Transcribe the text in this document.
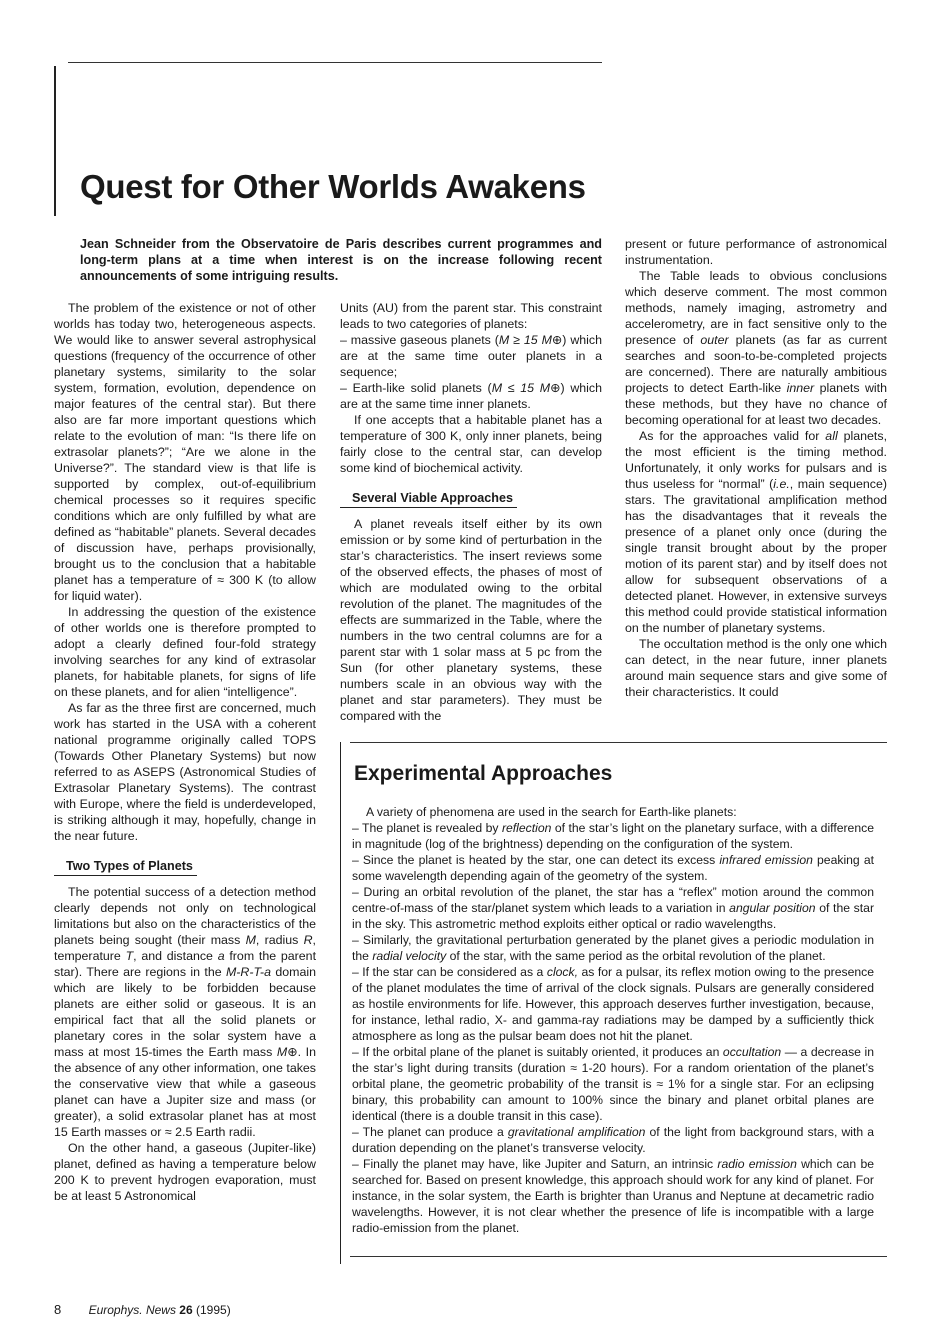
Quest for Other Worlds Awakens

Jean Schneider from the Observatoire de Paris describes current programmes and long-term plans at a time when interest is on the increase following recent announcements of some intriguing results.

The problem of the existence or not of other worlds has today two, heterogeneous aspects. We would like to answer several astrophysical questions (frequency of the occurrence of other planetary systems, similarity to the solar system, formation, evolution, dependence on major features of the central star). But there also are far more important questions which relate to the evolution of man: “Is there life on extrasolar planets?”; “Are we alone in the Universe?”. The standard view is that life is supported by complex, out-of-equilibrium chemical processes so it requires specific conditions which are only fulfilled by what are defined as “habitable” planets. Several decades of discussion have, perhaps provisionally, brought us to the conclusion that a habitable planet has a temperature of ≈ 300 K (to allow for liquid water).

In addressing the question of the existence of other worlds one is therefore prompted to adopt a clearly defined four-fold strategy involving searches for any kind of extrasolar planets, for habitable planets, for signs of life on these planets, and for alien “intelligence”.

As far as the three first are concerned, much work has started in the USA with a coherent national programme originally called TOPS (Towards Other Planetary Systems) but now referred to as ASEPS (Astronomical Studies of Extrasolar Planetary Systems). The contrast with Europe, where the field is underdeveloped, is striking although it may, hopefully, change in the near future.

Two Types of Planets

The potential success of a detection method clearly depends not only on technological limitations but also on the characteristics of the planets being sought (their mass M, radius R, temperature T, and distance a from the parent star). There are regions in the M-R-T-a domain which are likely to be forbidden because planets are either solid or gaseous. It is an empirical fact that all the solid planets or planetary cores in the solar system have a mass at most 15-times the Earth mass M⊕. In the absence of any other information, one takes the conservative view that while a gaseous planet can have a Jupiter size and mass (or greater), a solid extrasolar planet has at most 15 Earth masses or ≈ 2.5 Earth radii.

On the other hand, a gaseous (Jupiter-like) planet, defined as having a temperature below 200 K to prevent hydrogen evaporation, must be at least 5 Astronomical

Units (AU) from the parent star. This constraint leads to two categories of planets:

– massive gaseous planets (M ≥ 15 M⊕) which are at the same time outer planets in a sequence;

– Earth-like solid planets (M ≤ 15 M⊕) which are at the same time inner planets.

If one accepts that a habitable planet has a temperature of 300 K, only inner planets, being fairly close to the central star, can develop some kind of biochemical activity.

Several Viable Approaches

A planet reveals itself either by its own emission or by some kind of perturbation in the star’s characteristics. The insert reviews some of the observed effects, the phases of most of which are modulated owing to the orbital revolution of the planet. The magnitudes of the effects are summarized in the Table, where the numbers in the two central columns are for a parent star with 1 solar mass at 5 pc from the Sun (for other planetary systems, these numbers scale in an obvious way with the planet and star parameters). They must be compared with the

present or future performance of astronomical instrumentation.

The Table leads to obvious conclusions which deserve comment. The most common methods, namely imaging, astrometry and accelerometry, are in fact sensitive only to the presence of outer planets (as far as current searches and soon-to-be-completed projects are concerned). There are naturally ambitious projects to detect Earth-like inner planets with these methods, but they have no chance of becoming operational for at least two decades.

As for the approaches valid for all planets, the most efficient is the timing method. Unfortunately, it only works for pulsars and is thus useless for “normal” (i.e., main sequence) stars. The gravitational amplification method has the disadvantages that it reveals the presence of a planet only once (during the single transit brought about by the proper motion of its parent star) and by itself does not allow for subsequent observations of a detected planet. However, in extensive surveys this method could provide statistical information on the number of planetary systems.

The occultation method is the only one which can detect, in the near future, inner planets around main sequence stars and give some of their characteristics. It could

Experimental Approaches

A variety of phenomena are used in the search for Earth-like planets:

– The planet is revealed by reflection of the star’s light on the planetary surface, with a difference in magnitude (log of the brightness) depending on the configuration of the system.

– Since the planet is heated by the star, one can detect its excess infrared emission peaking at some wavelength depending again of the geometry of the system.

– During an orbital revolution of the planet, the star has a “reflex” motion around the common centre-of-mass of the star/planet system which leads to a variation in angular position of the star in the sky. This astrometric method exploits either optical or radio wavelengths.

– Similarly, the gravitational perturbation generated by the planet gives a periodic modulation in the radial velocity of the star, with the same period as the orbital revolution of the planet.

– If the star can be considered as a clock, as for a pulsar, its reflex motion owing to the presence of the planet modulates the time of arrival of the clock signals. Pulsars are generally considered as hostile environments for life. However, this approach deserves further investigation, because, for instance, lethal radio, X- and gamma-ray radiations may be damped by a sufficiently thick atmosphere as long as the pulsar beam does not hit the planet.

– If the orbital plane of the planet is suitably oriented, it produces an occultation — a decrease in the star’s light during transits (duration ≈ 1-20 hours). For a random orientation of the planet’s orbital plane, the geometric probability of the transit is ≈ 1% for a single star. For an eclipsing binary, this probability can amount to 100% since the binary and planet orbital planes are identical (there is a double transit in this case).

– The planet can produce a gravitational amplification of the light from background stars, with a duration depending on the planet’s transverse velocity.

– Finally the planet may have, like Jupiter and Saturn, an intrinsic radio emission which can be searched for. Based on present knowledge, this approach should work for any kind of planet. For instance, in the solar system, the Earth is brighter than Uranus and Neptune at decametric radio wavelengths. However, it is not clear whether the presence of life is incompatible with a large radio-emission from the planet.

8 Europhys. News 26 (1995)
